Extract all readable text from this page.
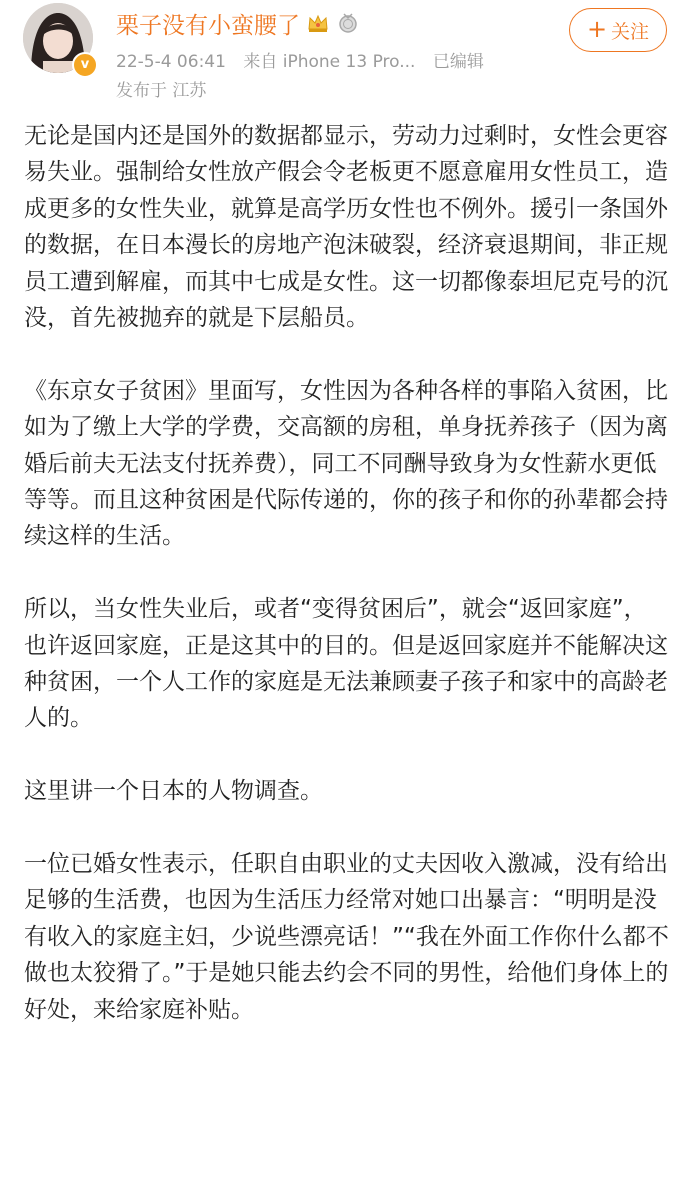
v
栗子没有小蛮腰了
22-5-4 06:41 来自 iPhone 13 Pro... 已编辑
发布于 江苏
+ 关注

无论是国内还是国外的数据都显示，劳动力过剩时，女性会更容易失业。强制给女性放产假会令老板更不愿意雇用女性员工，造成更多的女性失业，就算是高学历女性也不例外。援引一条国外的数据，在日本漫长的房地产泡沫破裂，经济衰退期间，非正规员工遭到解雇，而其中七成是女性。这一切都像泰坦尼克号的沉没，首先被抛弃的就是下层船员。

《东京女子贫困》里面写，女性因为各种各样的事陷入贫困，比如为了缴上大学的学费，交高额的房租，单身抚养孩子（因为离婚后前夫无法支付抚养费），同工不同酬导致身为女性薪水更低等等。而且这种贫困是代际传递的，你的孩子和你的孙辈都会持续这样的生活。

所以，当女性失业后，或者“变得贫困后”，就会“返回家庭”，也许返回家庭，正是这其中的目的。但是返回家庭并不能解决这种贫困，一个人工作的家庭是无法兼顾妻子孩子和家中的高龄老人的。

这里讲一个日本的人物调查。

一位已婚女性表示，任职自由职业的丈夫因收入激减，没有给出足够的生活费，也因为生活压力经常对她口出暴言：“明明是没有收入的家庭主妇，少说些漂亮话！”“我在外面工作你什么都不做也太狡猾了。”于是她只能去约会不同的男性，给他们身体上的好处，来给家庭补贴。
